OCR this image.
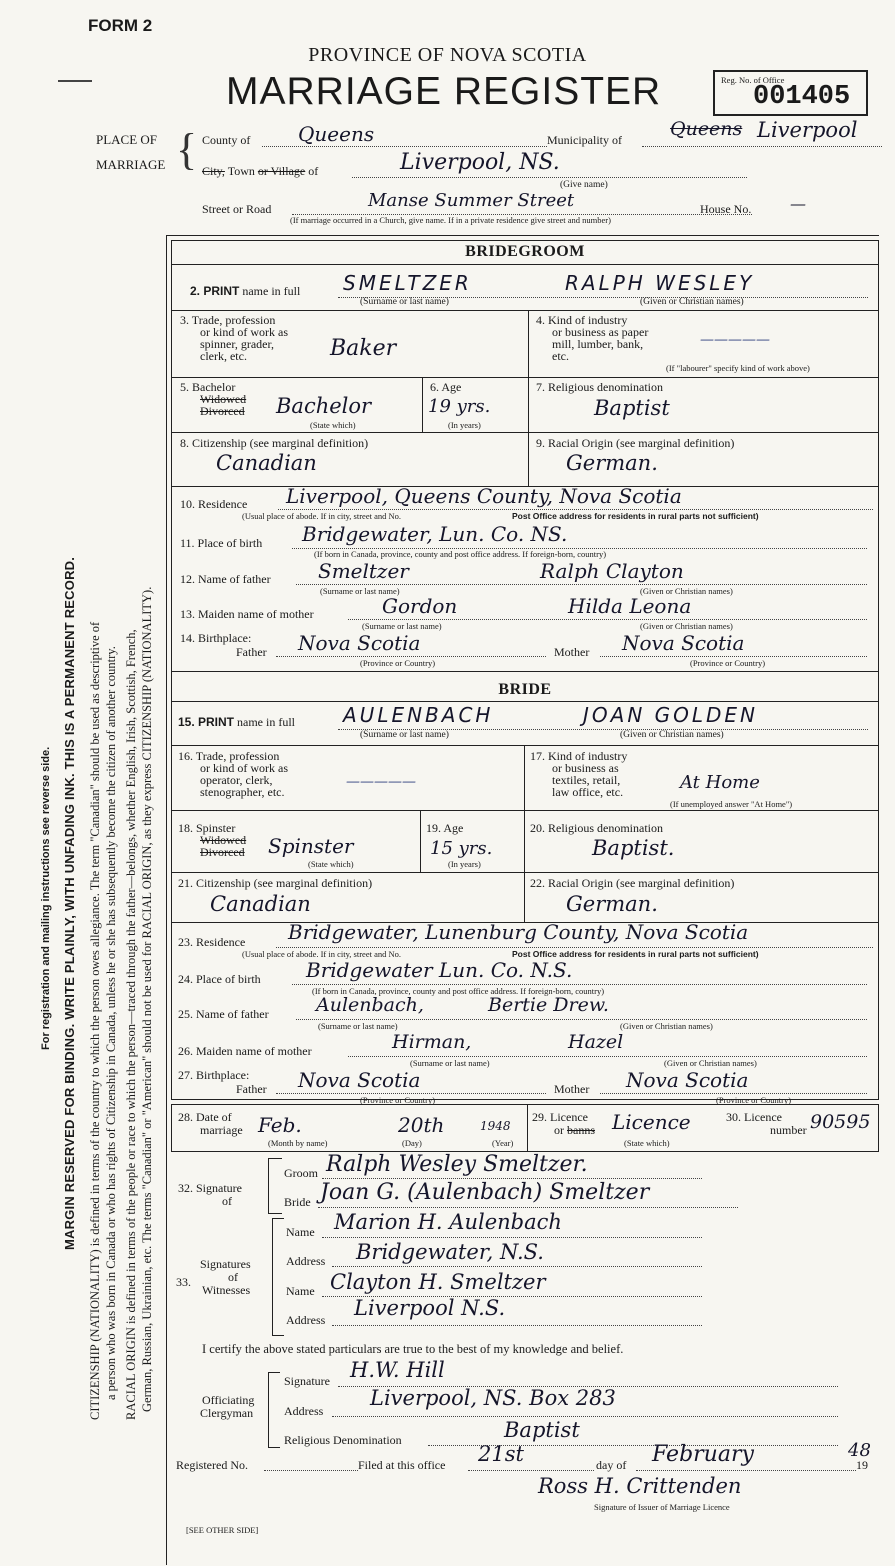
FORM 2
PROVINCE OF NOVA SCOTIA
MARRIAGE REGISTER	Reg. No. of Office
001405
PLACE OF
MARRIAGE { County of Queens	Municipality of	Queens Liverpool
City, Town or Village of	Liverpool, NS.
(Give name)
Street or Road	Manse Summer Street	House No. —
(If marriage occurred in a Church, give name. If in a private residence give street and number)
For registration and mailing instructions see reverse side. MARGIN RESERVED FOR BINDING. WRITE PLAINLY, WITH UNFADING INK. THIS IS A PERMANENT RECORD. CITIZENSHIP (NATIONALITY) is defined in terms of the country to which the person owes allegiance. The term "Canadian" should be used as descriptive of a person who was born in Canada or who has rights of Citizenship in Canada, unless he or she has subsequently become the citizen of another country. RACIAL ORIGIN is defined in terms of the people or race to which the person—traced through the father—belongs, whether English, Irish, Scottish, French, German, Russian, Ukrainian, etc. The terms "Canadian" or "American" should not be used for RACIAL ORIGIN, as they express CITIZENSHIP (NATIONALITY).
BRIDEGROOM
2. PRINT name in full SMELTZER	RALPH WESLEY
(Surname or last name)	(Given or Christian names)
3. Trade, profession
or kind of work as
spinner, grader,
clerk, etc.	Baker
4. Kind of industry
or business as paper
mill, lumber, bank,
etc.
—————
(If "labourer" specify kind of work above)
5. Bachelor
Widowed
Divorced Bachelor
(State which)
6. Age
19 yrs.
(In years)
7. Religious denomination
Baptist
8. Citizenship (see marginal definition)
Canadian
9. Racial Origin (see marginal definition)
German.
10. Residence Liverpool, Queens County, Nova Scotia
(Usual place of abode. If in city, street and No.	Post Office address for residents in rural parts not sufficient)
11. Place of birth Bridgewater, Lun. Co. NS.
(If born in Canada, province, county and post office address. If foreign-born, country)
12. Name of father Smeltzer	Ralph Clayton
(Surname or last name)	(Given or Christian names)
13. Maiden name of mother	Gordon	Hilda Leona
(Surname or last name)	(Given or Christian names)
14. Birthplace:
Father Nova Scotia	Mother Nova Scotia
(Province or Country)	(Province or Country)
BRIDE
15. PRINT name in full AULENBACH	JOAN GOLDEN
(Surname or last name)	(Given or Christian names)
16. Trade, profession
or kind of work as
operator, clerk,
stenographer, etc.
—————
17. Kind of industry
or business as
textiles, retail,
law office, etc.	At Home
(If unemployed answer "At Home")
18. Spinster
Widowed
Divorced Spinster
(State which)
19. Age
15 yrs.
(In years)
20. Religious denomination
Baptist.
21. Citizenship (see marginal definition)
Canadian
22. Racial Origin (see marginal definition)
German.
23. Residence Bridgewater, Lunenburg County, Nova Scotia
(Usual place of abode. If in city, street and No.	Post Office address for residents in rural parts not sufficient)
24. Place of birth Bridgewater Lun. Co. N.S.
(If born in Canada, province, county and post office address. If foreign-born, country)
25. Name of father Aulenbach,	Bertie Drew.
(Surname or last name)	(Given or Christian names)
26. Maiden name of mother	Hirman,	Hazel
(Surname or last name)	(Given or Christian names)
27. Birthplace:
Father Nova Scotia	Mother Nova Scotia
(Province or Country)	(Province or Country)
28. Date of
marriage Feb.	20th	1948
(Month by name)	(Day)	(Year)
29. Licence
or banns Licence
(State which)
30. Licence
number 90595
32. Signature
of
Groom Ralph Wesley Smeltzer.
Bride Joan G. (Aulenbach) Smeltzer
33.
Signatures
of
Witnesses
Name Marion H. Aulenbach
Address Bridgewater, N.S.
Name Clayton H. Smeltzer
Address Liverpool N.S.
I certify the above stated particulars are true to the best of my knowledge and belief.
Officiating
Clergyman
Signature H.W. Hill
Address
Liverpool, NS. Box 283
Religious Denomination	Baptist
Registered No.	Filed at this office 21st	day of February	19
48
Ross H. Crittenden
Signature of Issuer of Marriage Licence
[SEE OTHER SIDE]
